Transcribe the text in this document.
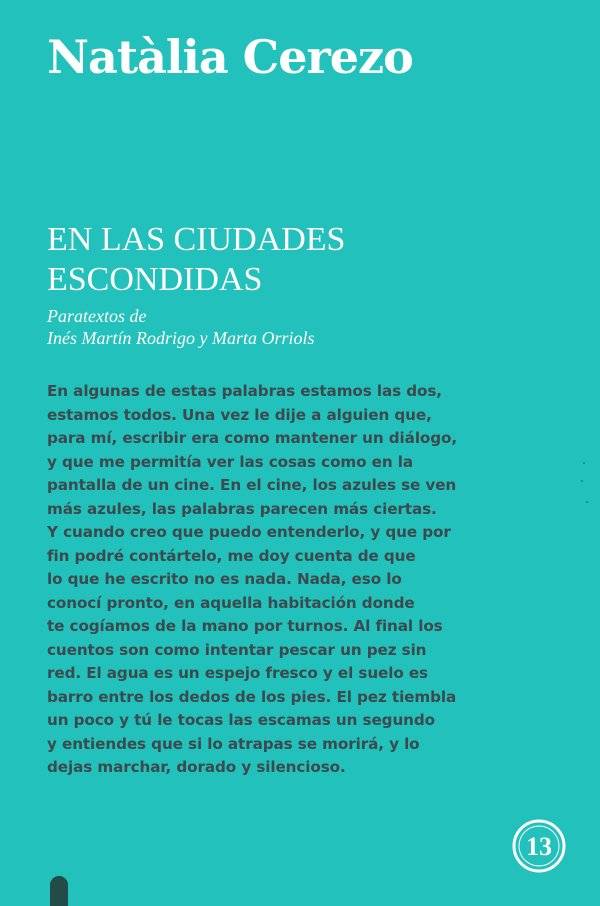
Natàlia Cerezo
EN LAS CIUDADES
ESCONDIDAS

Paratextos de
Inés Martín Rodrigo y Marta Orriols

En algunas de estas palabras estamos las dos,
estamos todos. Una vez le dije a alguien que,
para mí, escribir era como mantener un diálogo,
y que me permitía ver las cosas como en la
pantalla de un cine. En el cine, los azules se ven
más azules, las palabras parecen más ciertas.
Y cuando creo que puedo entenderlo, y que por
fin podré contártelo, me doy cuenta de que
lo que he escrito no es nada. Nada, eso lo
conocí pronto, en aquella habitación donde
te cogíamos de la mano por turnos. Al final los
cuentos son como intentar pescar un pez sin
red. El agua es un espejo fresco y el suelo es
barro entre los dedos de los pies. El pez tiembla
un poco y tú le tocas las escamas un segundo
y entiendes que si lo atrapas se morirá, y lo
dejas marchar, dorado y silencioso.
13
